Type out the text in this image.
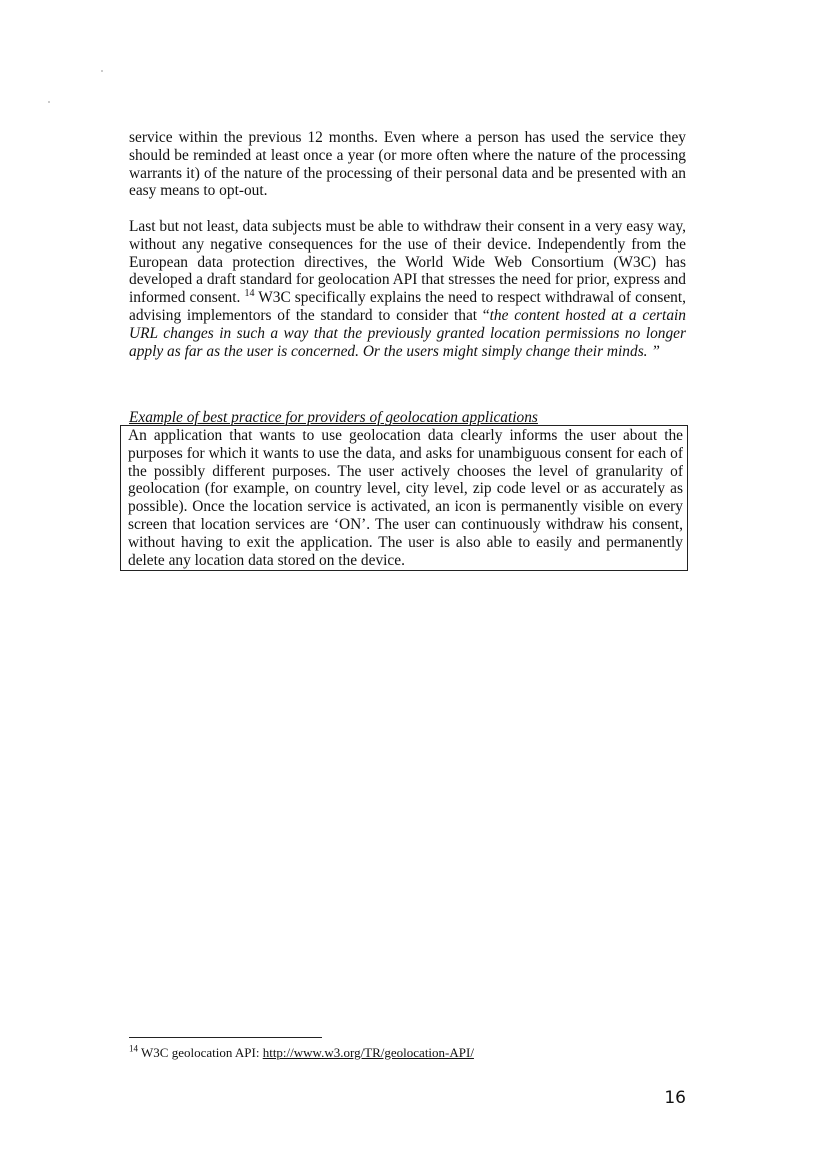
service within the previous 12 months. Even where a person has used the service they should be reminded at least once a year (or more often where the nature of the processing warrants it) of the nature of the processing of their personal data and be presented with an easy means to opt-out.

Last but not least, data subjects must be able to withdraw their consent in a very easy way, without any negative consequences for the use of their device. Independently from the European data protection directives, the World Wide Web Consortium (W3C) has developed a draft standard for geolocation API that stresses the need for prior, express and informed consent. $^{14}$ W3C specifically explains the need to respect withdrawal of consent, advising implementors of the standard to consider that “the content hosted at a certain URL changes in such a way that the previously granted location permissions no longer apply as far as the user is concerned. Or the users might simply change their minds. ”

Example of best practice for providers of geolocation applications

An application that wants to use geolocation data clearly informs the user about the purposes for which it wants to use the data, and asks for unambiguous consent for each of the possibly different purposes. The user actively chooses the level of granularity of geolocation (for example, on country level, city level, zip code level or as accurately as possible). Once the location service is activated, an icon is permanently visible on every screen that location services are ‘ON’. The user can continuously withdraw his consent, without having to exit the application. The user is also able to easily and permanently delete any location data stored on the device.

$^{14}$ W3C geolocation API: http://www.w3.org/TR/geolocation-API/

16
